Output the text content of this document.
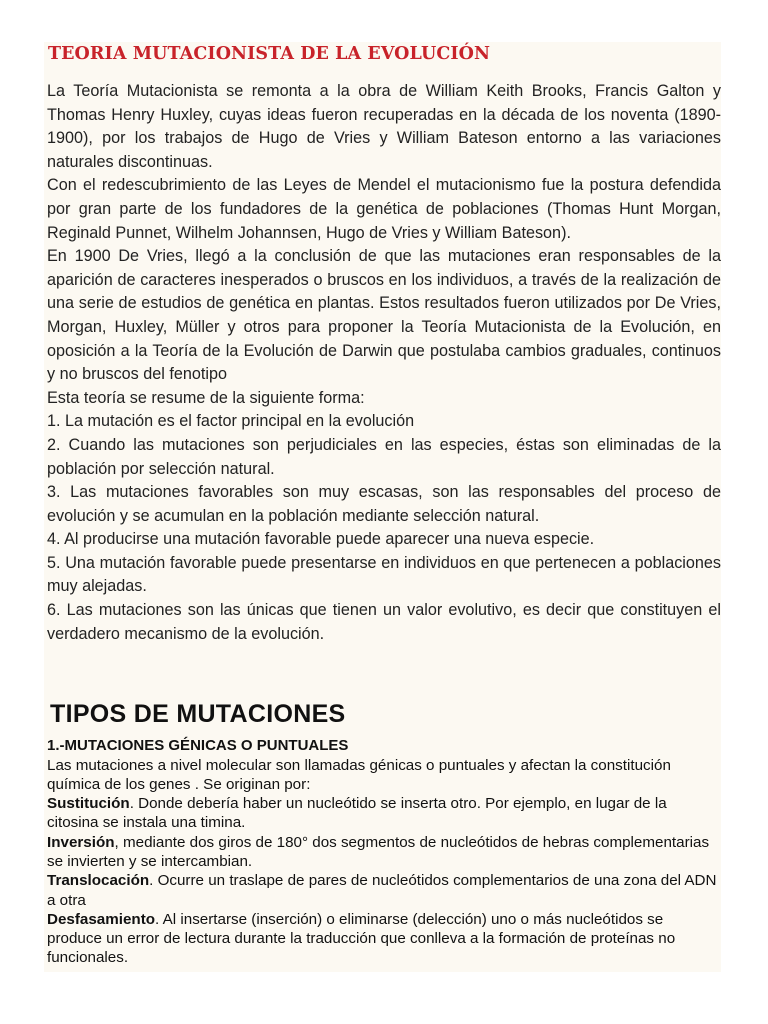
TEORIA MUTACIONISTA DE LA EVOLUCIÓN

La Teoría Mutacionista se remonta a la obra de William Keith Brooks, Francis Galton y Thomas Henry Huxley, cuyas ideas fueron recuperadas en la década de los noventa (1890-1900), por los trabajos de Hugo de Vries y William Bateson entorno a las variaciones naturales discontinuas.

Con el redescubrimiento de las Leyes de Mendel el mutacionismo fue la postura defendida por gran parte de los fundadores de la genética de poblaciones (Thomas Hunt Morgan, Reginald Punnet, Wilhelm Johannsen, Hugo de Vries y William Bateson).

En 1900 De Vries, llegó a la conclusión de que las mutaciones eran responsables de la aparición de caracteres inesperados o bruscos en los individuos, a través de la realización de una serie de estudios de genética en plantas. Estos resultados fueron utilizados por De Vries, Morgan, Huxley, Müller y otros para proponer la Teoría Mutacionista de la Evolución, en oposición a la Teoría de la Evolución de Darwin que postulaba cambios graduales, continuos y no bruscos del fenotipo

Esta teoría se resume de la siguiente forma:

1. La mutación es el factor principal en la evolución

2. Cuando las mutaciones son perjudiciales en las especies, éstas son eliminadas de la población por selección natural.

3. Las mutaciones favorables son muy escasas, son las responsables del proceso de evolución y se acumulan en la población mediante selección natural.

4. Al producirse una mutación favorable puede aparecer una nueva especie.

5. Una mutación favorable puede presentarse en individuos en que pertenecen a poblaciones muy alejadas.

6. Las mutaciones son las únicas que tienen un valor evolutivo, es decir que constituyen el verdadero mecanismo de la evolución.

TIPOS DE MUTACIONES
1.-MUTACIONES GÉNICAS O PUNTUALES

Las mutaciones a nivel molecular son llamadas génicas o puntuales y afectan la constitución química de los genes . Se originan por:

Sustitución. Donde debería haber un nucleótido se inserta otro. Por ejemplo, en lugar de la citosina se instala una timina.

Inversión, mediante dos giros de 180° dos segmentos de nucleótidos de hebras complementarias se invierten y se intercambian.

Translocación. Ocurre un traslape de pares de nucleótidos complementarios de una zona del ADN a otra

Desfasamiento. Al insertarse (inserción) o eliminarse (delección) uno o más nucleótidos se produce un error de lectura durante la traducción que conlleva a la formación de proteínas no funcionales.
